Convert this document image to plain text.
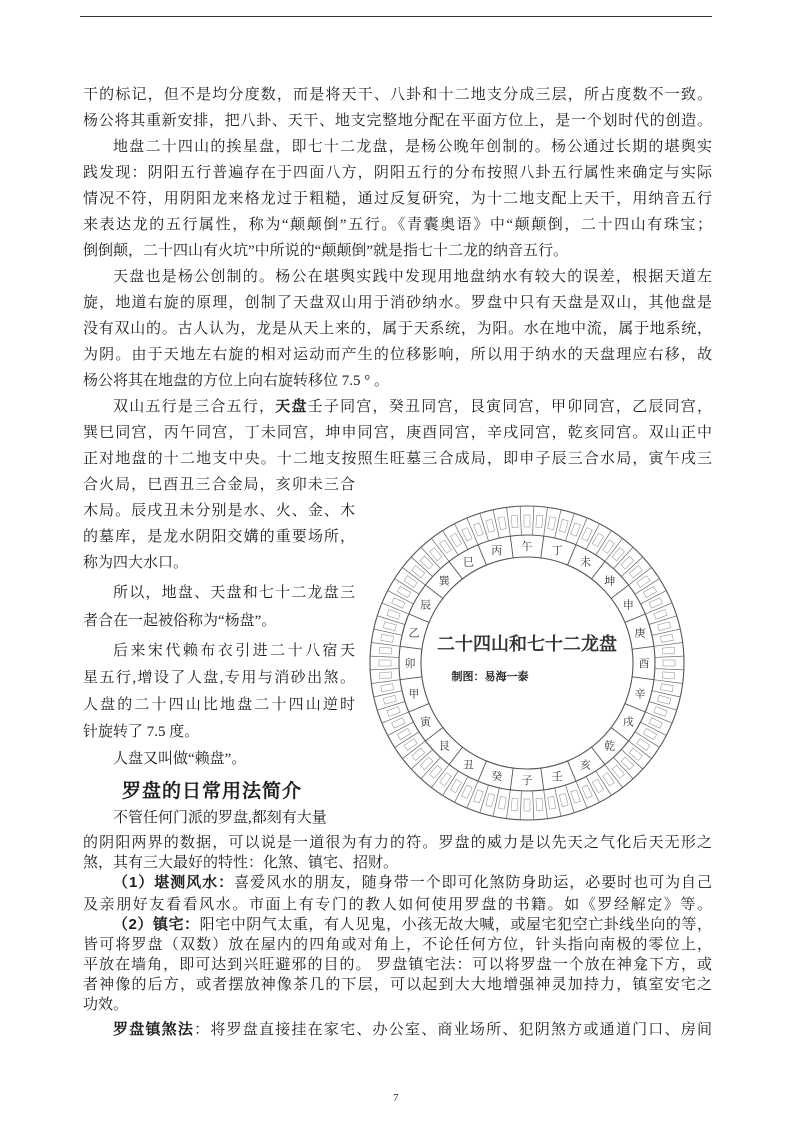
干的标记，但不是均分度数，而是将天干、八卦和十二地支分成三层，所占度数不一致。
杨公将其重新安排，把八卦、天干、地支完整地分配在平面方位上，是一个划时代的创造。
地盘二十四山的挨星盘，即七十二龙盘，是杨公晚年创制的。杨公通过长期的堪舆实
践发现：阴阳五行普遍存在于四面八方，阴阳五行的分布按照八卦五行属性来确定与实际
情况不符，用阴阳龙来格龙过于粗糙，通过反复研究，为十二地支配上天干，用纳音五行
来表达龙的五行属性，称为“颠颠倒”五行。《青囊奥语》中“颠颠倒，二十四山有珠宝；
倒倒颠，二十四山有火坑”中所说的“颠颠倒”就是指七十二龙的纳音五行。
天盘也是杨公创制的。杨公在堪舆实践中发现用地盘纳水有较大的误差，根据天道左
旋，地道右旋的原理，创制了天盘双山用于消砂纳水。罗盘中只有天盘是双山，其他盘是
没有双山的。古人认为，龙是从天上来的，属于天系统，为阳。水在地中流，属于地系统，
为阴。由于天地左右旋的相对运动而产生的位移影响，所以用于纳水的天盘理应右移，故
杨公将其在地盘的方位上向右旋转移位 7.5 ° 。
双山五行是三合五行，天盘壬子同宫，癸丑同宫，艮寅同宫，甲卯同宫，乙辰同宫，
巽巳同宫，丙午同宫，丁未同宫，坤申同宫，庚酉同宫，辛戌同宫，乾亥同宫。双山正中
正对地盘的十二地支中央。十二地支按照生旺墓三合成局，即申子辰三合水局，寅午戌三
合火局，巳酉丑三合金局，亥卯未三合
木局。辰戌丑未分别是水、火、金、木
的墓库，是龙水阴阳交媾的重要场所，
称为四大水口。
所以，地盘、天盘和七十二龙盘三
者合在一起被俗称为“杨盘”。
后来宋代赖布衣引进二十八宿天
星五行,增设了人盘,专用与消砂出煞。
人盘的二十四山比地盘二十四山逆时
针旋转了 7.5 度。
人盘又叫做“赖盘”。
不管任何门派的罗盘,都刻有大量
的阴阳两界的数据，可以说是一道很为有力的符。罗盘的威力是以先天之气化后天无形之
煞，其有三大最好的特性：化煞、镇宅、招财。
（1）堪测风水：喜爱风水的朋友，随身带一个即可化煞防身助运，必要时也可为自己
及亲朋好友看看风水。市面上有专门的教人如何使用罗盘的书籍。如《罗经解定》等。
（2）镇宅：阳宅中阴气太重，有人见鬼，小孩无故大喊，或屋宅犯空亡卦线坐向的等，
皆可将罗盘（双数）放在屋内的四角或对角上，不论任何方位，针头指向南极的零位上，
平放在墙角，即可达到兴旺避邪的目的。 罗盘镇宅法：可以将罗盘一个放在神龛下方，或
者神像的后方，或者摆放神像茶几的下层，可以起到大大地增强神灵加持力，镇室安宅之
功效。
罗盘镇煞法：将罗盘直接挂在家宅、办公室、商业场所、犯阴煞方或通道门口、房间
罗盘的日常用法简介	子
癸
丑
艮
寅
甲
卯
乙
辰
巽
巳
丙 午 丁
未
坤
申
庚
酉
辛
戌
乾
亥
壬
二十四山和七十二龙盘
制图：易海一泰
7
